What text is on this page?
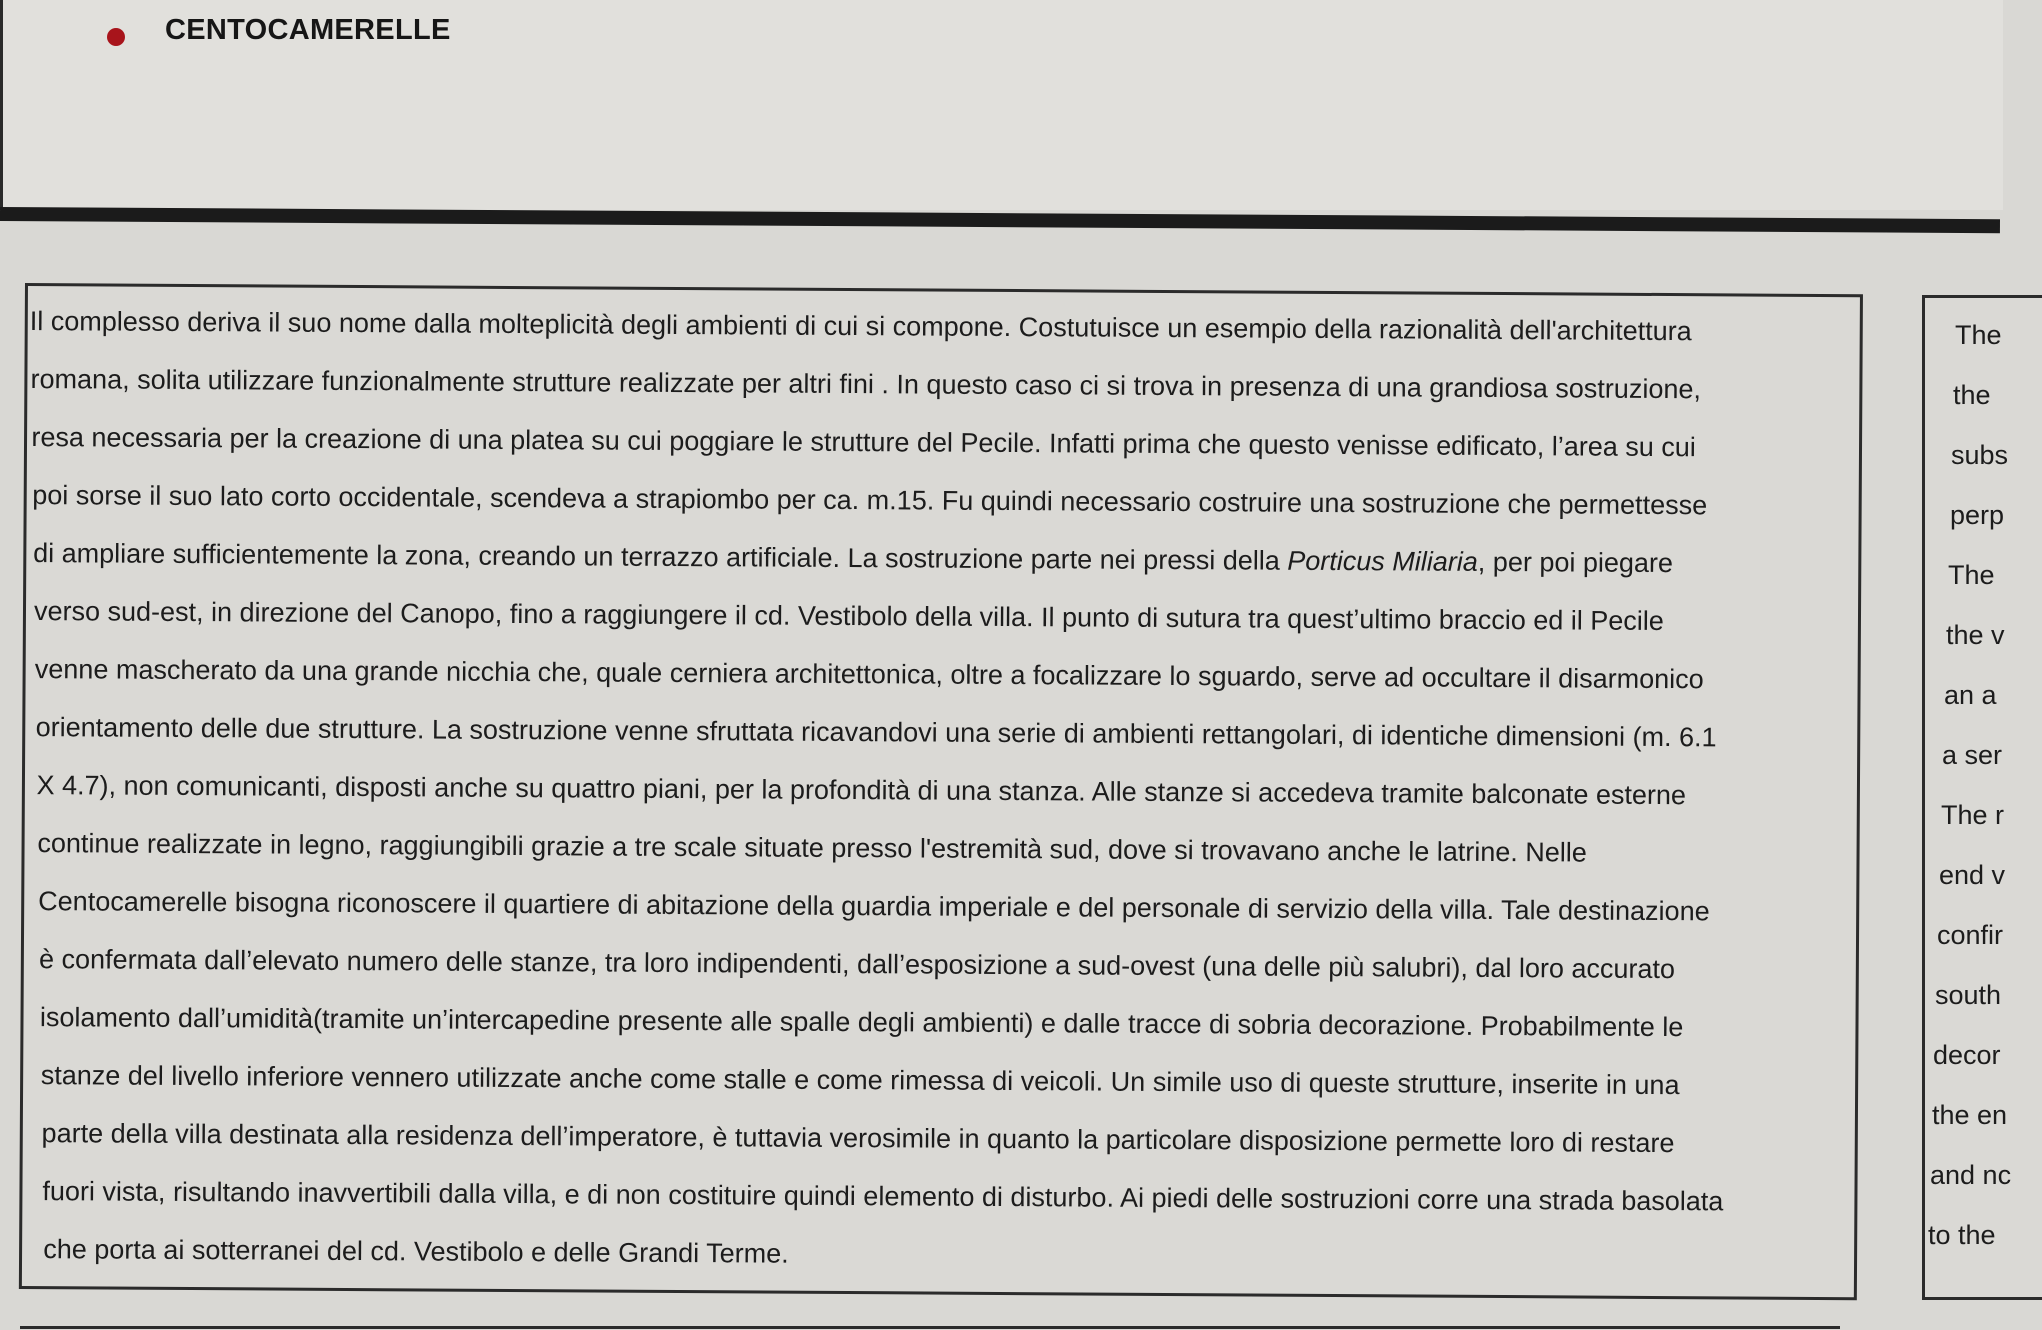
CENTOCAMERELLE
Il complesso deriva il suo nome dalla molteplicità degli ambienti di cui si compone. Costutuisce un esempio della razionalità dell'architettura
romana, solita utilizzare funzionalmente strutture realizzate per altri fini . In questo caso ci si trova in presenza di una grandiosa sostruzione,
resa necessaria per la creazione di una platea su cui poggiare le strutture del Pecile. Infatti prima che questo venisse edificato, l’area su cui
poi sorse il suo lato corto occidentale, scendeva a strapiombo per ca. m.15. Fu quindi necessario costruire una sostruzione che permettesse
di ampliare sufficientemente la zona, creando un terrazzo artificiale. La sostruzione parte nei pressi della Porticus Miliaria, per poi piegare
verso sud-est, in direzione del Canopo, fino a raggiungere il cd. Vestibolo della villa. Il punto di sutura tra quest’ultimo braccio ed il Pecile
venne mascherato da una grande nicchia che, quale cerniera architettonica, oltre a focalizzare lo sguardo, serve ad occultare il disarmonico
orientamento delle due strutture. La sostruzione venne sfruttata ricavandovi una serie di ambienti rettangolari, di identiche dimensioni (m. 6.1
X 4.7), non comunicanti, disposti anche su quattro piani, per la profondità di una stanza. Alle stanze si accedeva tramite balconate esterne
continue realizzate in legno, raggiungibili grazie a tre scale situate presso l'estremità sud, dove si trovavano anche le latrine. Nelle
Centocamerelle bisogna riconoscere il quartiere di abitazione della guardia imperiale e del personale di servizio della villa. Tale destinazione
è confermata dall’elevato numero delle stanze, tra loro indipendenti, dall’esposizione a sud-ovest (una delle più salubri), dal loro accurato
isolamento dall’umidità(tramite un’intercapedine presente alle spalle degli ambienti) e dalle tracce di sobria decorazione. Probabilmente le
stanze del livello inferiore vennero utilizzate anche come stalle e come rimessa di veicoli. Un simile uso di queste strutture, inserite in una
parte della villa destinata alla residenza dell’imperatore, è tuttavia verosimile in quanto la particolare disposizione permette loro di restare
fuori vista, risultando inavvertibili dalla villa, e di non costituire quindi elemento di disturbo. Ai piedi delle sostruzioni corre una strada basolata
che porta ai sotterranei del cd. Vestibolo e delle Grandi Terme.
The
the
subs
perp
The
the v
an a
a ser
The r
end v
confir
south
decor
the en
and nc
to the
